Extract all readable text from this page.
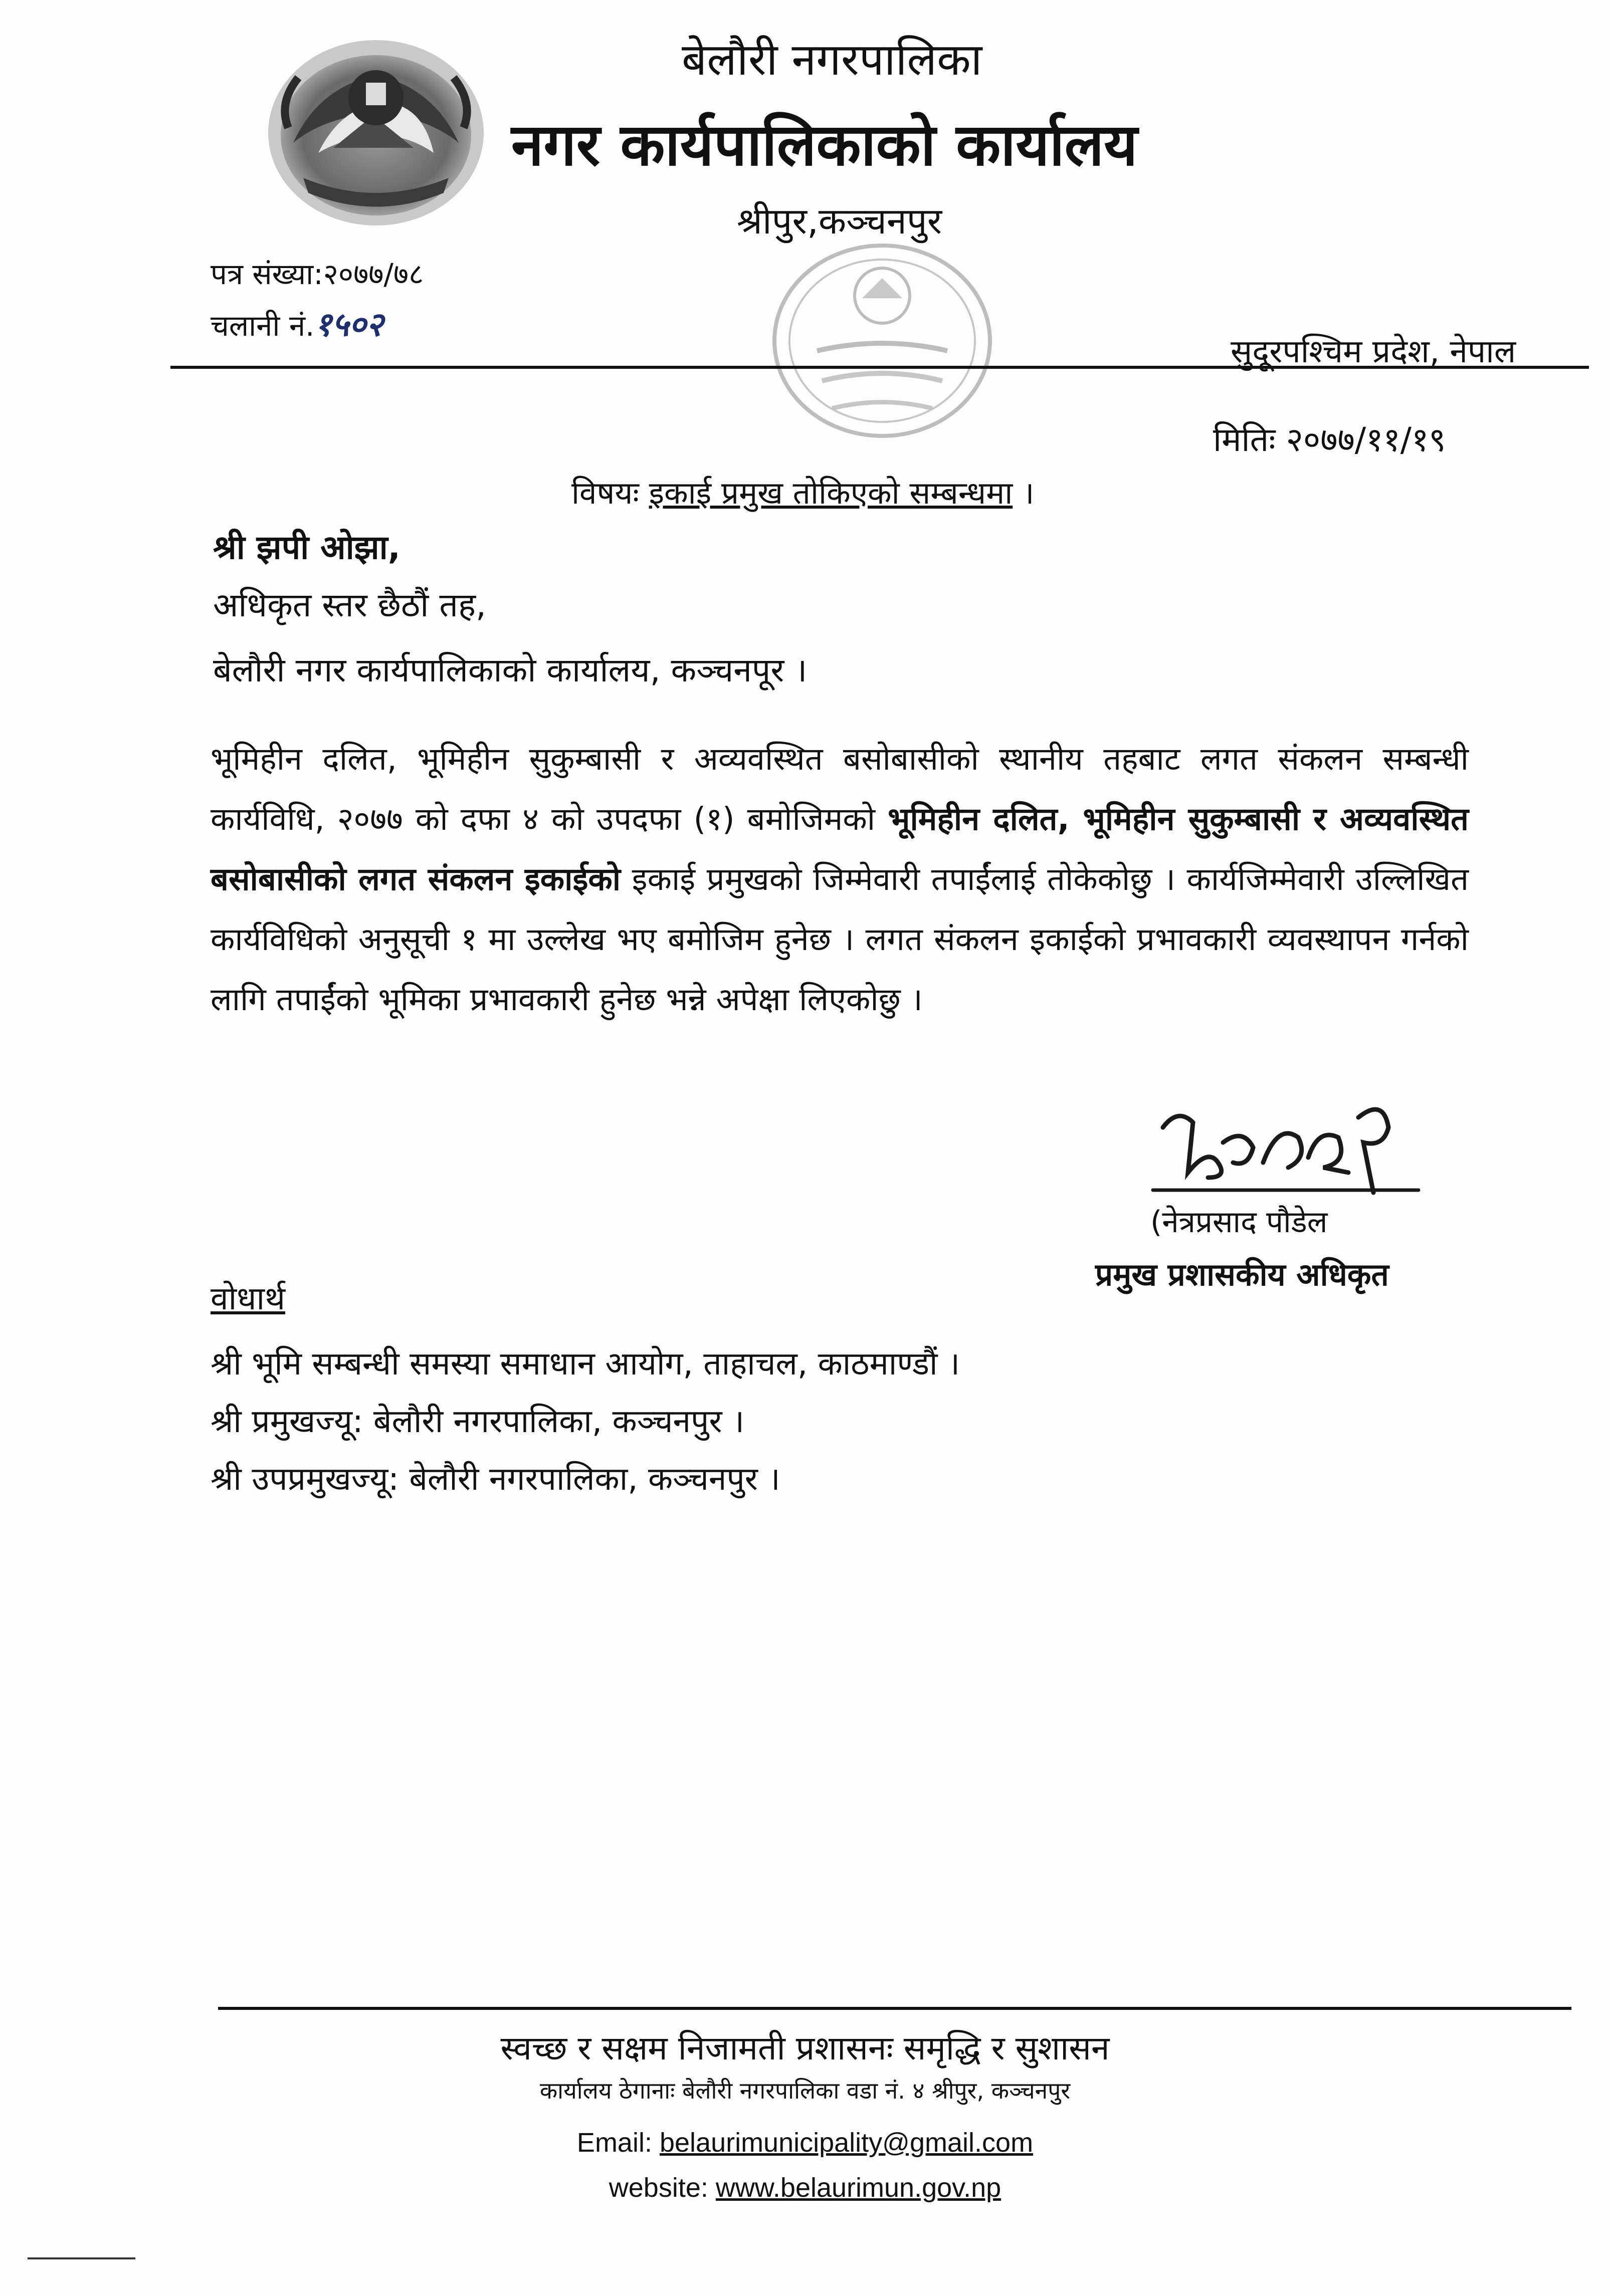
बेलौरी नगरपालिका
नगर कार्यपालिकाको कार्यालय
श्रीपुर,कञ्चनपुर
पत्र संख्या:२०७७/७८
चलानी नं.१५०२
सुदूरपश्चिम प्रदेश, नेपाल
मितिः २०७७/११/१९
विषयः इकाई प्रमुख तोकिएको सम्बन्धमा ।
श्री झपी ओझा,
अधिकृत स्तर छैठौं तह,
बेलौरी नगर कार्यपालिकाको कार्यालय, कञ्चनपूर ।
भूमिहीन दलित, भूमिहीन सुकुम्बासी र अव्यवस्थित बसोबासीको स्थानीय तहबाट लगत संकलन सम्बन्धी कार्यविधि, २०७७ को दफा ४ को उपदफा (१) बमोजिमको भूमिहीन दलित, भूमिहीन सुकुम्बासी र अव्यवस्थित बसोबासीको लगत संकलन इकाईको इकाई प्रमुखको जिम्मेवारी तपाईंलाई तोकेकोछु । कार्यजिम्मेवारी उल्लिखित कार्यविधिको अनुसूची १ मा उल्लेख भए बमोजिम हुनेछ । लगत संकलन इकाईको प्रभावकारी व्यवस्थापन गर्नको लागि तपाईंको भूमिका प्रभावकारी हुनेछ भन्ने अपेक्षा लिएकोछु ।
(नेत्रप्रसाद पौडेल
प्रमुख प्रशासकीय अधिकृत
वोधार्थ
श्री भूमि सम्बन्धी समस्या समाधान आयोग, ताहाचल, काठमाण्डौं ।
श्री प्रमुखज्यू: बेलौरी नगरपालिका, कञ्चनपुर ।
श्री उपप्रमुखज्यू: बेलौरी नगरपालिका, कञ्चनपुर ।
स्वच्छ र सक्षम निजामती प्रशासनः समृद्धि र सुशासन
कार्यालय ठेगानाः बेलौरी नगरपालिका वडा नं. ४ श्रीपुर, कञ्चनपुर
Email: belaurimunicipality@gmail.com
website: www.belaurimun.gov.np
